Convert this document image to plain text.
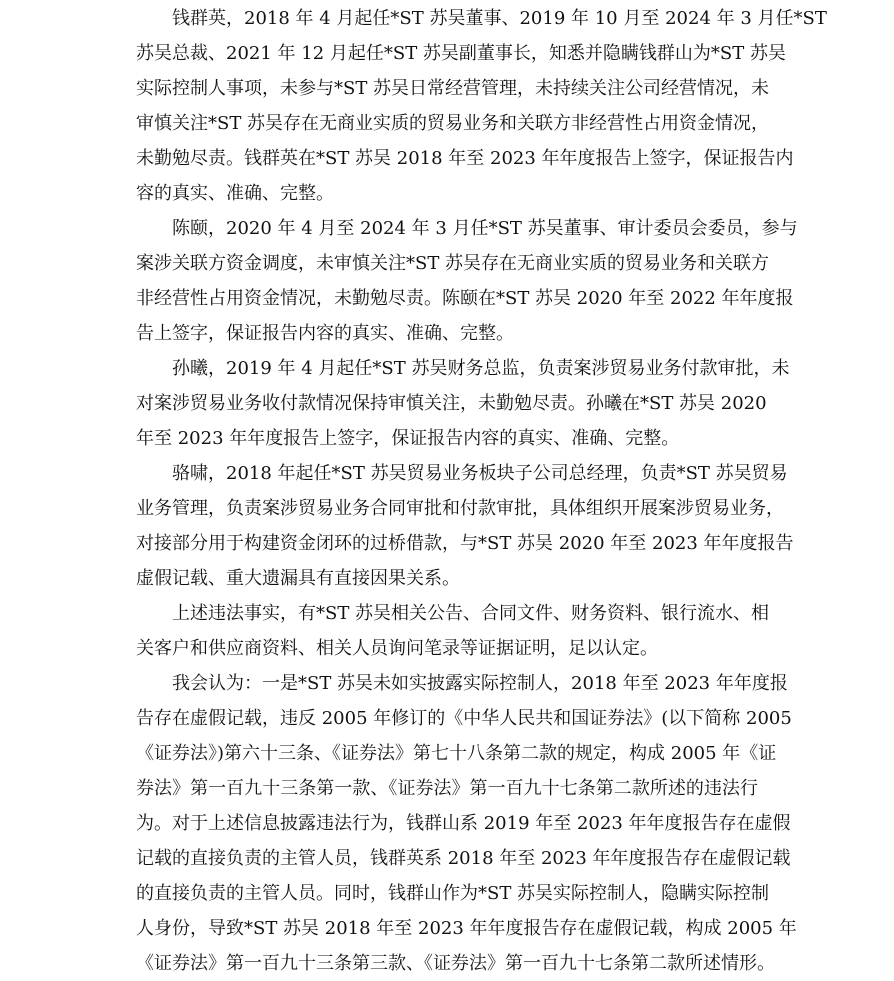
钱群英，2018 年 4 月起任*ST 苏吴董事、2019 年 10 月至 2024 年 3 月任*ST
苏吴总裁、2021 年 12 月起任*ST 苏吴副董事长，知悉并隐瞒钱群山为*ST 苏吴
实际控制人事项，未参与*ST 苏吴日常经营管理，未持续关注公司经营情况，未
审慎关注*ST 苏吴存在无商业实质的贸易业务和关联方非经营性占用资金情况，
未勤勉尽责。钱群英在*ST 苏吴 2018 年至 2023 年年度报告上签字，保证报告内
容的真实、准确、完整。
陈颐，2020 年 4 月至 2024 年 3 月任*ST 苏吴董事、审计委员会委员，参与
案涉关联方资金调度，未审慎关注*ST 苏吴存在无商业实质的贸易业务和关联方
非经营性占用资金情况，未勤勉尽责。陈颐在*ST 苏吴 2020 年至 2022 年年度报
告上签字，保证报告内容的真实、准确、完整。
孙曦，2019 年 4 月起任*ST 苏吴财务总监，负责案涉贸易业务付款审批，未
对案涉贸易业务收付款情况保持审慎关注，未勤勉尽责。孙曦在*ST 苏吴 2020
年至 2023 年年度报告上签字，保证报告内容的真实、准确、完整。
骆啸，2018 年起任*ST 苏吴贸易业务板块子公司总经理，负责*ST 苏吴贸易
业务管理，负责案涉贸易业务合同审批和付款审批，具体组织开展案涉贸易业务，
对接部分用于构建资金闭环的过桥借款，与*ST 苏吴 2020 年至 2023 年年度报告
虚假记载、重大遗漏具有直接因果关系。
上述违法事实，有*ST 苏吴相关公告、合同文件、财务资料、银行流水、相
关客户和供应商资料、相关人员询问笔录等证据证明，足以认定。
我会认为：一是*ST 苏吴未如实披露实际控制人，2018 年至 2023 年年度报
告存在虚假记载，违反 2005 年修订的《中华人民共和国证券法》(以下简称 2005
《证券法》)第六十三条、《证券法》第七十八条第二款的规定，构成 2005 年《证
券法》第一百九十三条第一款、《证券法》第一百九十七条第二款所述的违法行
为。对于上述信息披露违法行为，钱群山系 2019 年至 2023 年年度报告存在虚假
记载的直接负责的主管人员，钱群英系 2018 年至 2023 年年度报告存在虚假记载
的直接负责的主管人员。同时，钱群山作为*ST 苏吴实际控制人，隐瞒实际控制
人身份，导致*ST 苏吴 2018 年至 2023 年年度报告存在虚假记载，构成 2005 年
《证券法》第一百九十三条第三款、《证券法》第一百九十七条第二款所述情形。
